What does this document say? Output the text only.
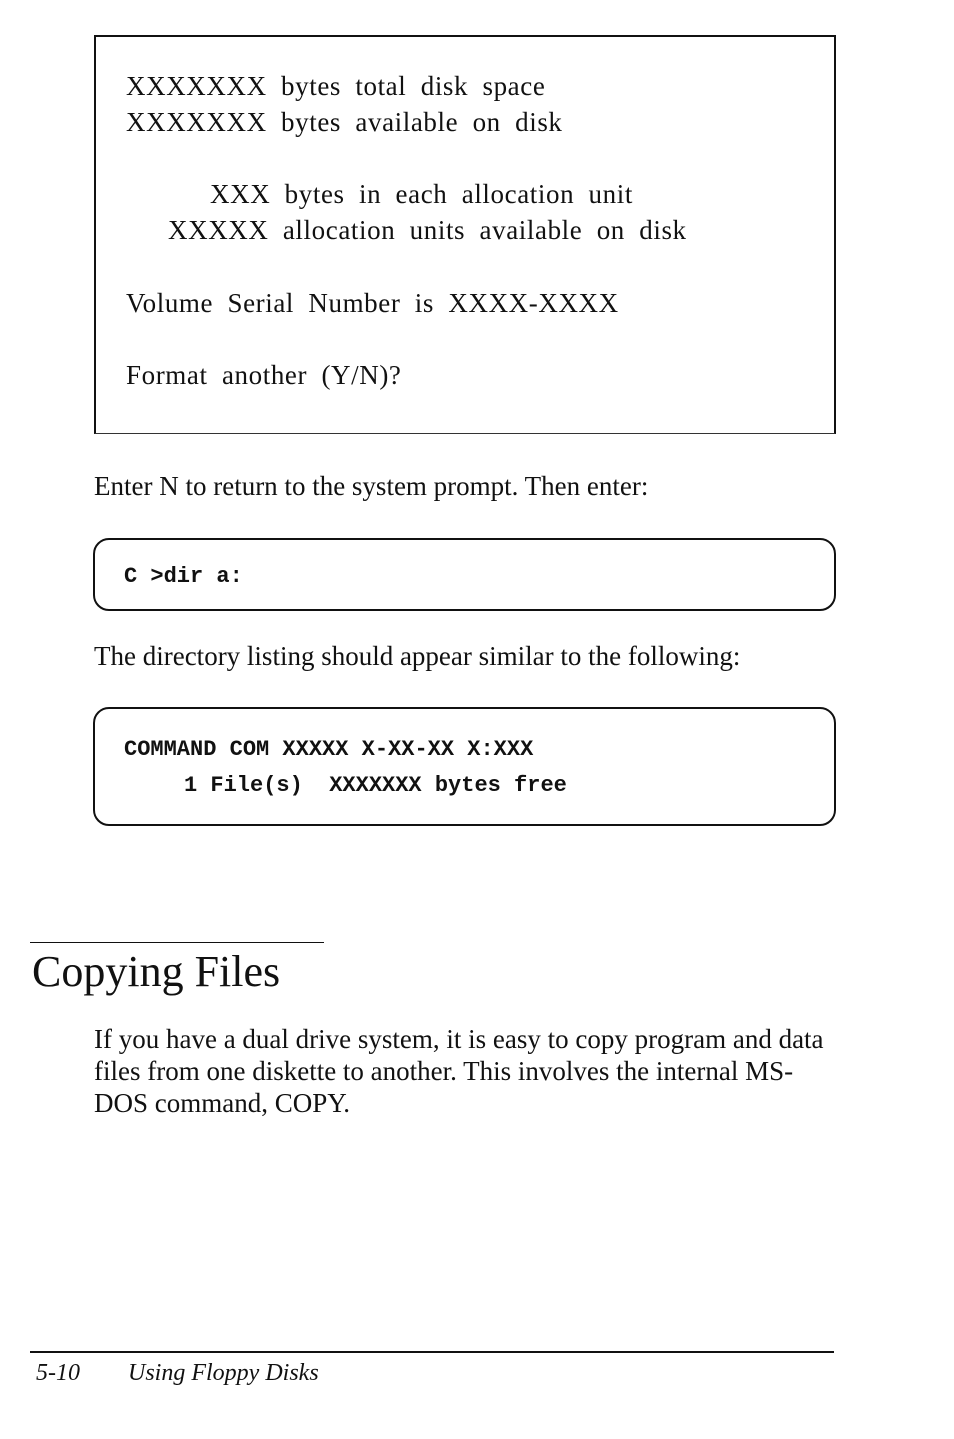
XXXXXXX bytes total disk space

XXXXXXX bytes available on disk

XXX bytes in each allocation unit

XXXXX allocation units available on disk

Volume Serial Number is XXXX-XXXX

Format another (Y/N)?

Enter N to return to the system prompt. Then enter:

C >dir a:

The directory listing should appear similar to the following:

COMMAND COM XXXXX X-XX-XX X:XXX

1 File(s)  XXXXXXX bytes free

Copying Files

If you have a dual drive system, it is easy to copy program and data files from one diskette to another. This involves the internal MS-DOS command, COPY.

5-10 Using Floppy Disks
